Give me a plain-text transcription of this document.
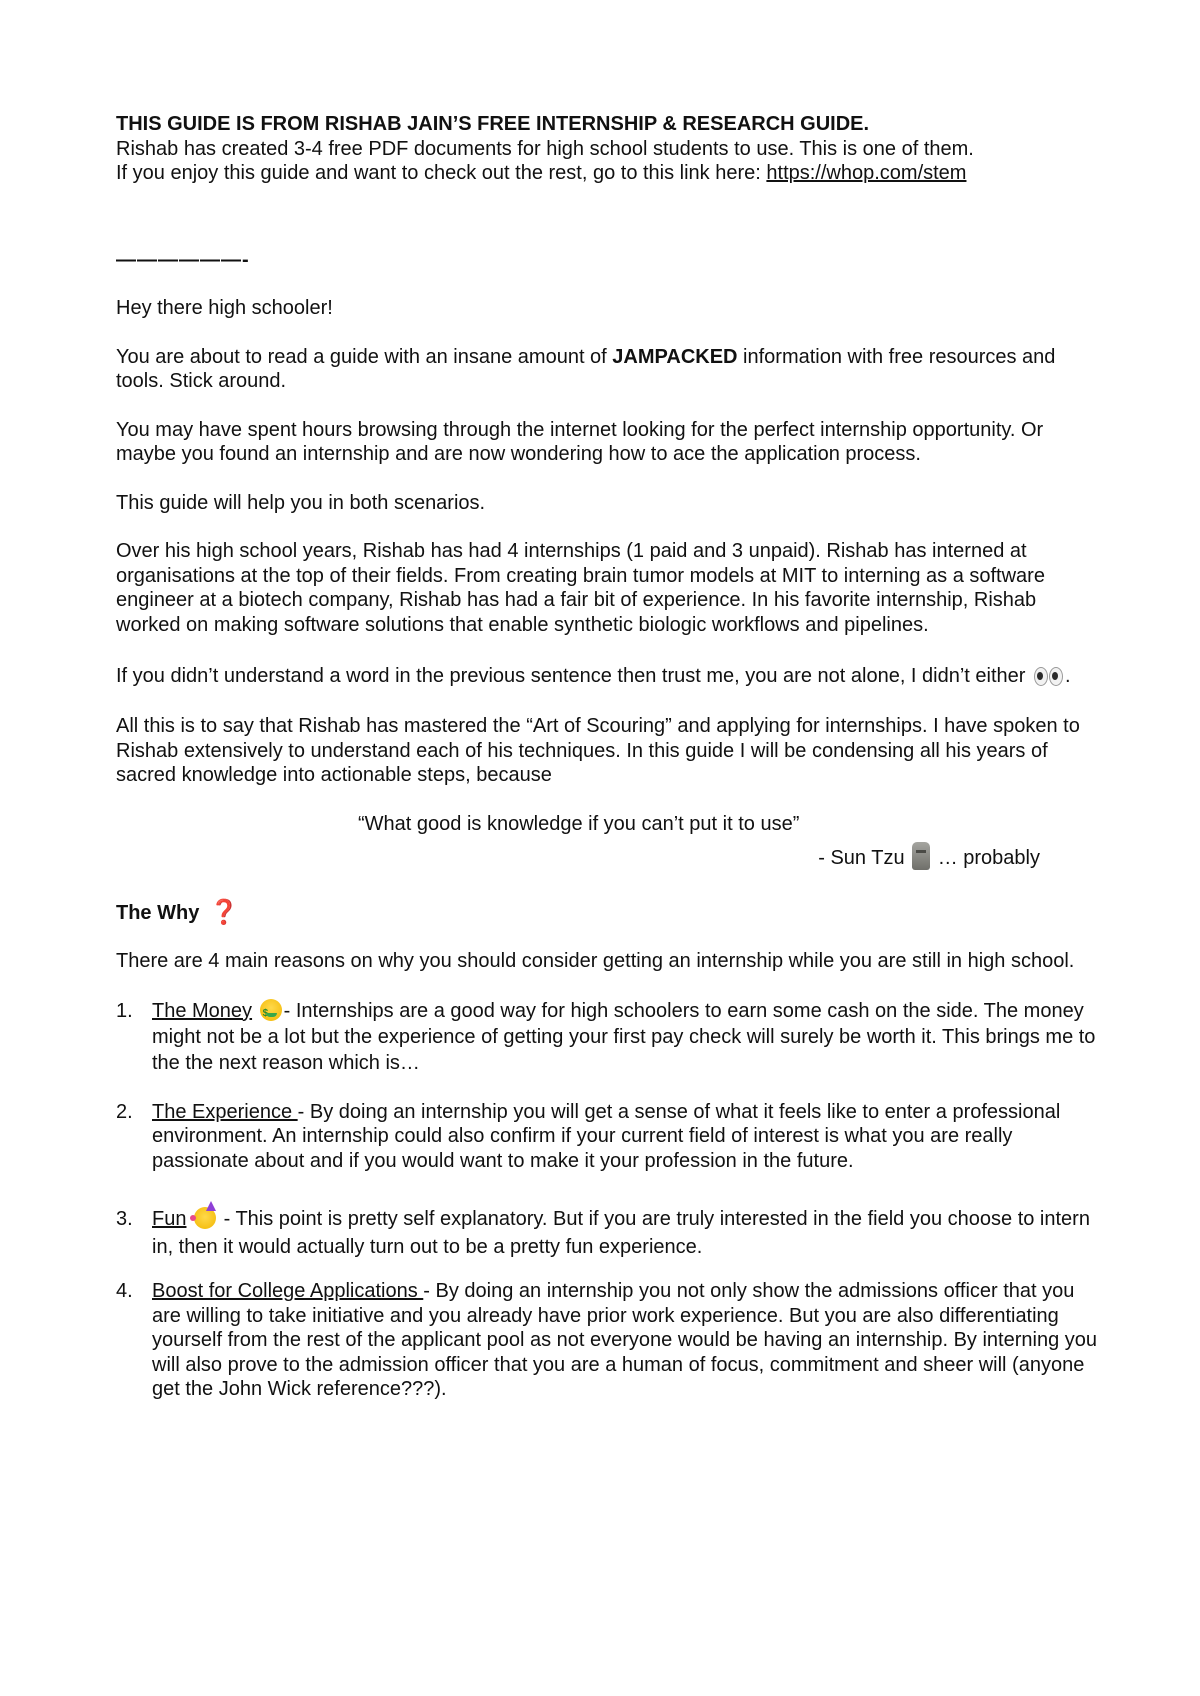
THIS GUIDE IS FROM RISHAB JAIN’S FREE INTERNSHIP & RESEARCH GUIDE.

Rishab has created 3-4 free PDF documents for high school students to use. This is one of them.

If you enjoy this guide and want to check out the rest, go to this link here: https://whop.com/stem

——————-

Hey there high schooler!

You are about to read a guide with an insane amount of JAMPACKED information with free resources and tools. Stick around.

You may have spent hours browsing through the internet looking for the perfect internship opportunity. Or maybe you found an internship and are now wondering how to ace the application process.

This guide will help you in both scenarios.

Over his high school years, Rishab has had 4 internships (1 paid and 3 unpaid). Rishab has interned at organisations at the top of their fields. From creating brain tumor models at MIT to interning as a software engineer at a biotech company, Rishab has had a fair bit of experience. In his favorite internship, Rishab worked on making software solutions that enable synthetic biologic workflows and pipelines.

If you didn’t understand a word in the previous sentence then trust me, you are not alone, I didn’t either .

All this is to say that Rishab has mastered the “Art of Scouring” and applying for internships. I have spoken to Rishab extensively to understand each of his techniques. In this guide I will be condensing all his years of sacred knowledge into actionable steps, because

“What good is knowledge if you can’t put it to use”

- Sun Tzu  … probably

The Why ❓

There are 4 main reasons on why you should consider getting an internship while you are still in high school.

1. The Money $ - Internships are a good way for high schoolers to earn some cash on the side. The money might not be a lot but the experience of getting your first pay check will surely be worth it. This brings me to the the next reason which is…
2. The Experience - By doing an internship you will get a sense of what it feels like to enter a professional environment. An internship could also confirm if your current field of interest is what you are really passionate about and if you would want to make it your profession in the future.
3. Fun  - This point is pretty self explanatory. But if you are truly interested in the field you choose to intern in, then it would actually turn out to be a pretty fun experience.
4. Boost for College Applications - By doing an internship you not only show the admissions officer that you are willing to take initiative and you already have prior work experience. But you are also differentiating yourself from the rest of the applicant pool as not everyone would be having an internship. By interning you will also prove to the admission officer that you are a human of focus, commitment and sheer will (anyone get the John Wick reference???).
